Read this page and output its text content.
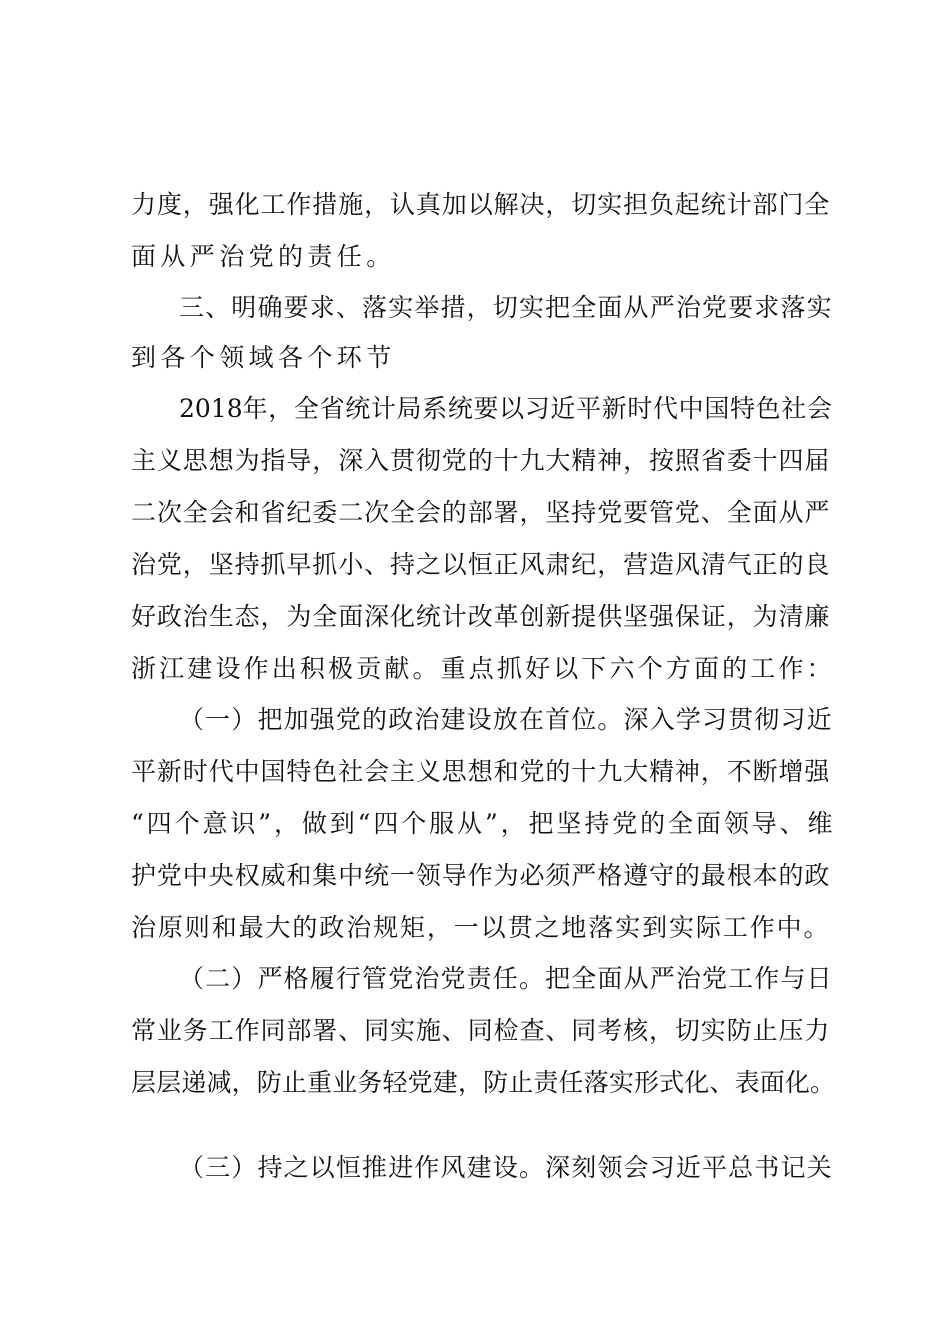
力度，强化工作措施，认真加以解决，切实担负起统计部门全
面从严治党的责任。
三、明确要求、落实举措，切实把全面从严治党要求落实
到各个领域各个环节
2018年，全省统计局系统要以习近平新时代中国特色社会
主义思想为指导，深入贯彻党的十九大精神，按照省委十四届
二次全会和省纪委二次全会的部署，坚持党要管党、全面从严
治党，坚持抓早抓小、持之以恒正风肃纪，营造风清气正的良
好政治生态，为全面深化统计改革创新提供坚强保证，为清廉
浙江建设作出积极贡献。重点抓好以下六个方面的工作：
（一）把加强党的政治建设放在首位。深入学习贯彻习近
平新时代中国特色社会主义思想和党的十九大精神，不断增强
“四个意识”，做到“四个服从”，把坚持党的全面领导、维
护党中央权威和集中统一领导作为必须严格遵守的最根本的政
治原则和最大的政治规矩，一以贯之地落实到实际工作中。
（二）严格履行管党治党责任。把全面从严治党工作与日
常业务工作同部署、同实施、同检查、同考核，切实防止压力
层层递减，防止重业务轻党建，防止责任落实形式化、表面化。
（三）持之以恒推进作风建设。深刻领会习近平总书记关
